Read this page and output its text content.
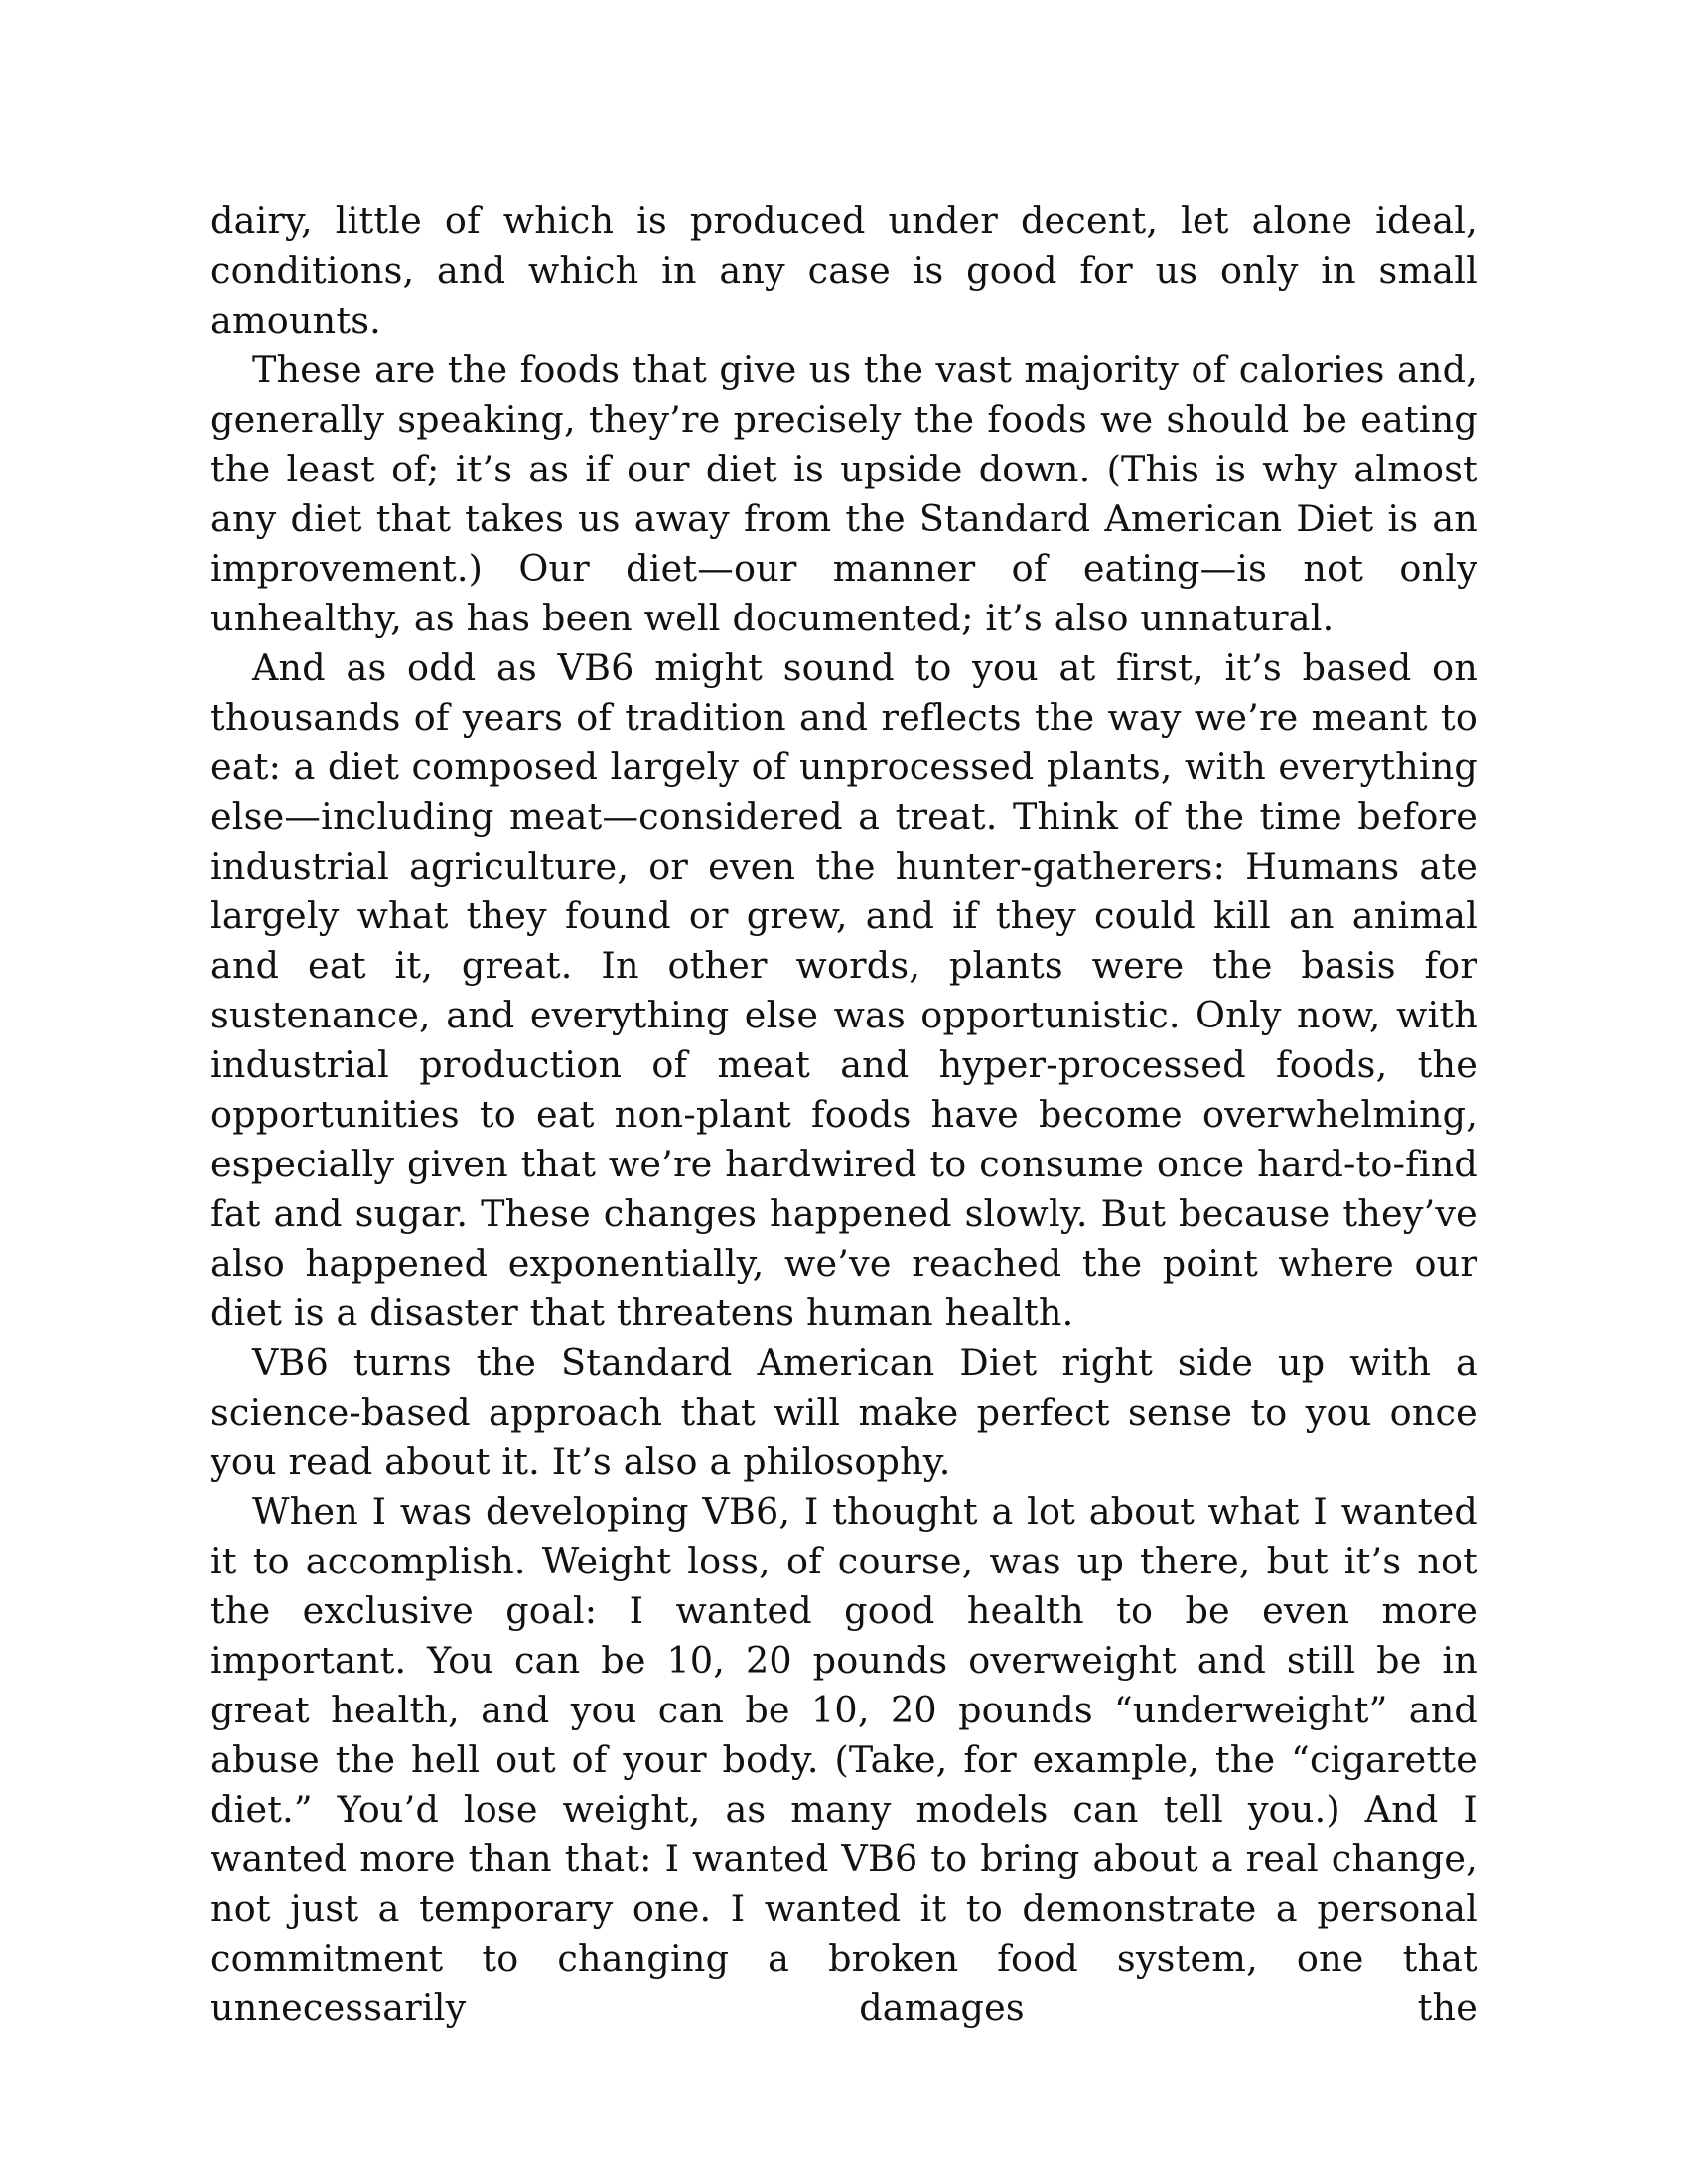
dairy, little of which is produced under decent, let alone ideal, conditions, and which in any case is good for us only in small amounts.

These are the foods that give us the vast majority of calories and, generally speaking, they’re precisely the foods we should be eating the least of; it’s as if our diet is upside down. (This is why almost any diet that takes us away from the Standard American Diet is an improvement.) Our diet—our manner of eating—is not only unhealthy, as has been well documented; it’s also unnatural.

And as odd as VB6 might sound to you at first, it’s based on thousands of years of tradition and reflects the way we’re meant to eat: a diet composed largely of unprocessed plants, with everything else—including meat—considered a treat. Think of the time before industrial agriculture, or even the hunter-gatherers: Humans ate largely what they found or grew, and if they could kill an animal and eat it, great. In other words, plants were the basis for sustenance, and everything else was opportunistic. Only now, with industrial production of meat and hyper-processed foods, the opportunities to eat non-plant foods have become overwhelming, especially given that we’re hardwired to consume once hard-to-find fat and sugar. These changes happened slowly. But because they’ve also happened exponentially, we’ve reached the point where our diet is a disaster that threatens human health.

VB6 turns the Standard American Diet right side up with a science-based approach that will make perfect sense to you once you read about it. It’s also a philosophy.

When I was developing VB6, I thought a lot about what I wanted it to accomplish. Weight loss, of course, was up there, but it’s not the exclusive goal: I wanted good health to be even more important. You can be 10, 20 pounds overweight and still be in great health, and you can be 10, 20 pounds “underweight” and abuse the hell out of your body. (Take, for example, the “cigarette diet.” You’d lose weight, as many models can tell you.) And I wanted more than that: I wanted VB6 to bring about a real change, not just a temporary one. I wanted it to demonstrate a personal commitment to changing a broken food system, one that unnecessarily damages the
